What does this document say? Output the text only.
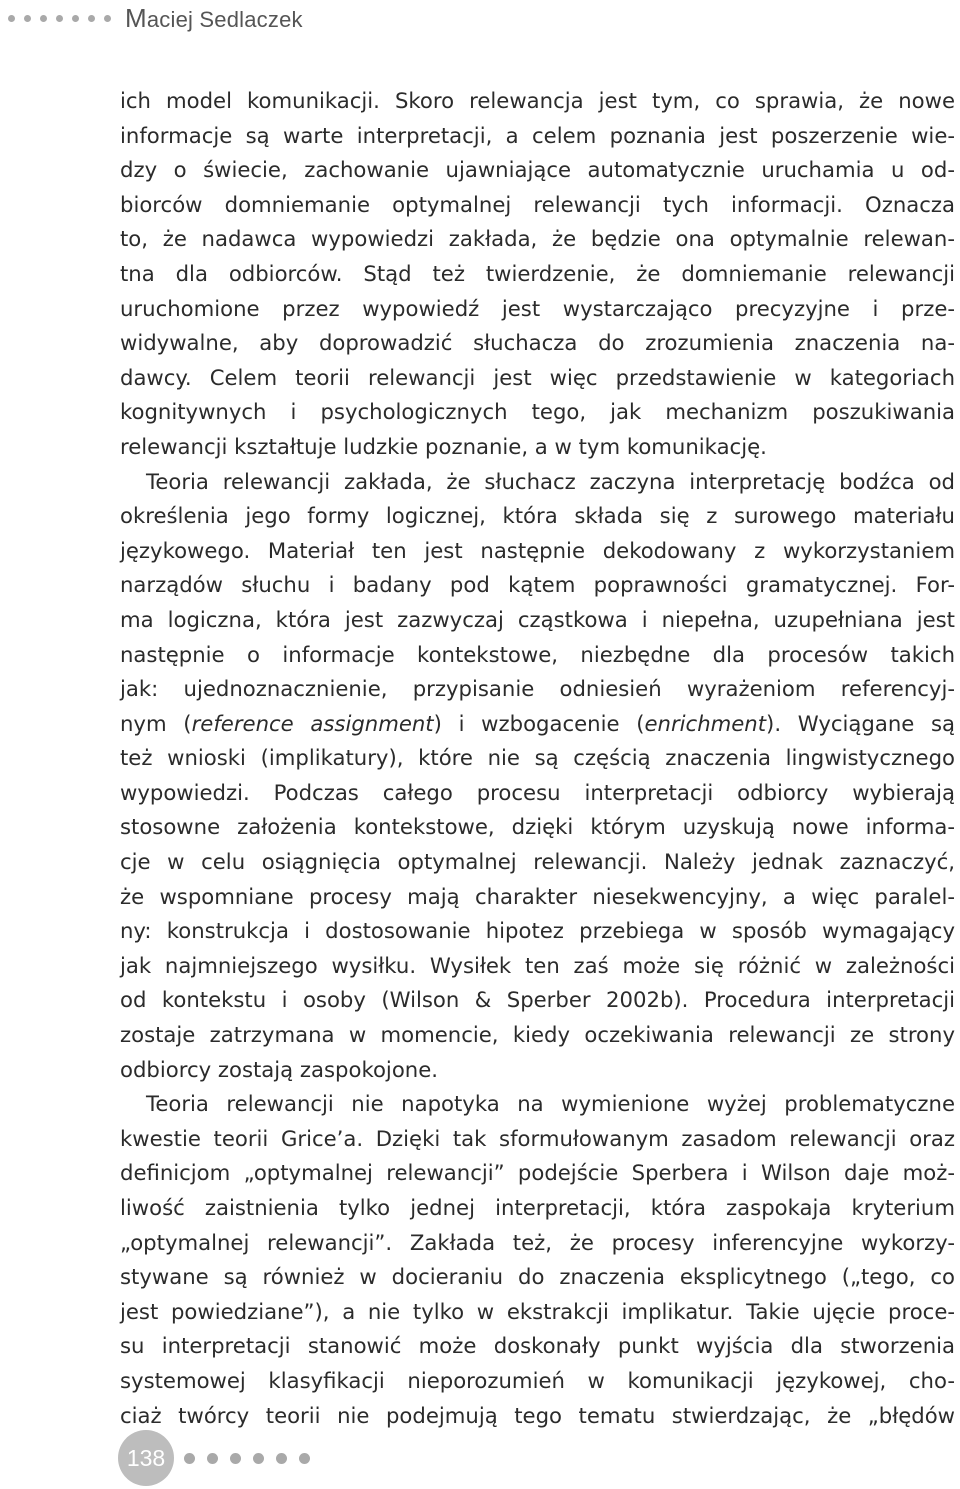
Maciej Sedlaczek
ich model komunikacji. Skoro relewancja jest tym, co sprawia, że nowe
informacje są warte interpretacji, a celem poznania jest poszerzenie wie-
dzy o świecie, zachowanie ujawniające automatycznie uruchamia u od-
biorców domniemanie optymalnej relewancji tych informacji. Oznacza
to, że nadawca wypowiedzi zakłada, że będzie ona optymalnie relewan-
tna dla odbiorców. Stąd też twierdzenie, że domniemanie relewancji
uruchomione przez wypowiedź jest wystarczająco precyzyjne i prze-
widywalne, aby doprowadzić słuchacza do zrozumienia znaczenia na-
dawcy. Celem teorii relewancji jest więc przedstawienie w kategoriach
kognitywnych i psychologicznych tego, jak mechanizm poszukiwania
relewancji kształtuje ludzkie poznanie, a w tym komunikację.
Teoria relewancji zakłada, że słuchacz zaczyna interpretację bodźca od
określenia jego formy logicznej, która składa się z surowego materiału
językowego. Materiał ten jest następnie dekodowany z wykorzystaniem
narządów słuchu i badany pod kątem poprawności gramatycznej. For-
ma logiczna, która jest zazwyczaj cząstkowa i niepełna, uzupełniana jest
następnie o informacje kontekstowe, niezbędne dla procesów takich
jak: ujednoznacznienie, przypisanie odniesień wyrażeniom referencyj-
nym (reference assignment) i wzbogacenie (enrichment). Wyciągane są
też wnioski (implikatury), które nie są częścią znaczenia lingwistycznego
wypowiedzi. Podczas całego procesu interpretacji odbiorcy wybierają
stosowne założenia kontekstowe, dzięki którym uzyskują nowe informa-
cje w celu osiągnięcia optymalnej relewancji. Należy jednak zaznaczyć,
że wspomniane procesy mają charakter niesekwencyjny, a więc paralel-
ny: konstrukcja i dostosowanie hipotez przebiega w sposób wymagający
jak najmniejszego wysiłku. Wysiłek ten zaś może się różnić w zależności
od kontekstu i osoby (Wilson & Sperber 2002b). Procedura interpretacji
zostaje zatrzymana w momencie, kiedy oczekiwania relewancji ze strony
odbiorcy zostają zaspokojone.
Teoria relewancji nie napotyka na wymienione wyżej problematyczne
kwestie teorii Grice’a. Dzięki tak sformułowanym zasadom relewancji oraz
definicjom „optymalnej relewancji” podejście Sperbera i Wilson daje moż-
liwość zaistnienia tylko jednej interpretacji, która zaspokaja kryterium
„optymalnej relewancji”. Zakłada też, że procesy inferencyjne wykorzy-
stywane są również w docieraniu do znaczenia eksplicytnego („tego, co
jest powiedziane”), a nie tylko w ekstrakcji implikatur. Takie ujęcie proce-
su interpretacji stanowić może doskonały punkt wyjścia dla stworzenia
systemowej klasyfikacji nieporozumień w komunikacji językowej, cho-
ciaż twórcy teorii nie podejmują tego tematu stwierdzając, że „błędów
138
